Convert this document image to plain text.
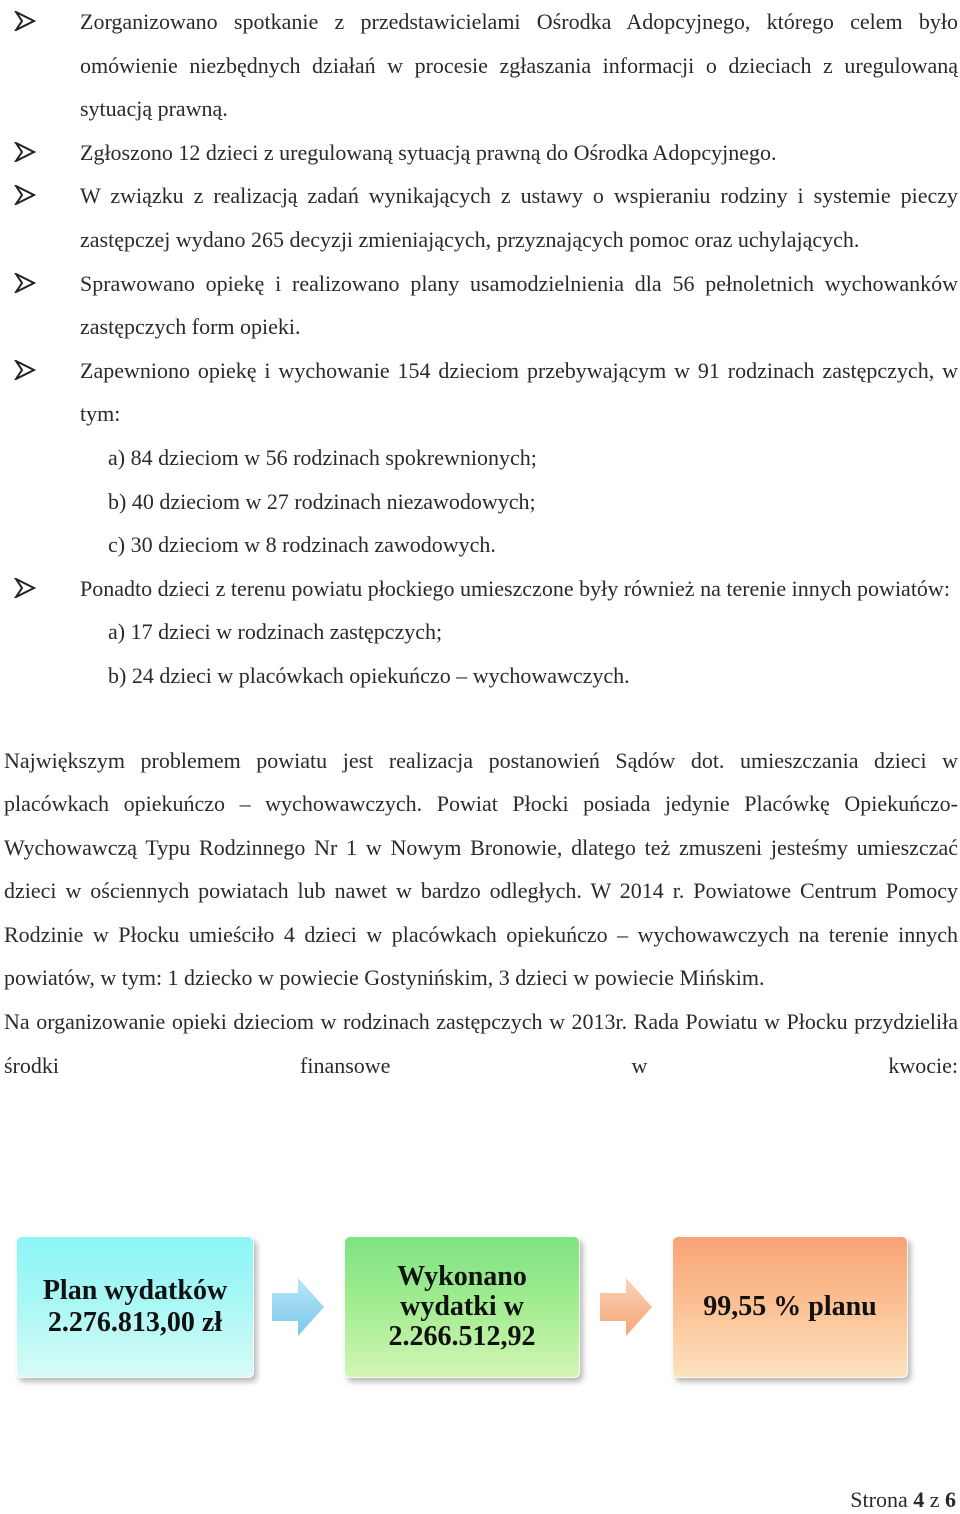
Zorganizowano spotkanie z przedstawicielami Ośrodka Adopcyjnego, którego celem było omówienie niezbędnych działań w procesie zgłaszania informacji o dzieciach z uregulowaną sytuacją prawną.
Zgłoszono 12 dzieci z uregulowaną sytuacją prawną do Ośrodka Adopcyjnego.
W związku z realizacją zadań wynikających z ustawy o wspieraniu rodziny i systemie pieczy zastępczej wydano 265 decyzji zmieniających, przyznających pomoc oraz uchylających.
Sprawowano opiekę i realizowano plany usamodzielnienia dla 56 pełnoletnich wychowanków zastępczych form opieki.
Zapewniono opiekę i wychowanie 154 dzieciom przebywającym w 91 rodzinach zastępczych, w tym:
a) 84 dzieciom w 56 rodzinach spokrewnionych;
b) 40 dzieciom w 27 rodzinach niezawodowych;
c) 30 dzieciom w 8 rodzinach zawodowych.
Ponadto dzieci z terenu powiatu płockiego umieszczone były również na terenie innych powiatów:
a) 17 dzieci w rodzinach zastępczych;
b) 24 dzieci w placówkach opiekuńczo – wychowawczych.

Największym problemem powiatu jest realizacja postanowień Sądów dot. umieszczania dzieci w placówkach opiekuńczo – wychowawczych. Powiat Płocki posiada jedynie Placówkę Opiekuńczo- Wychowawczą Typu Rodzinnego Nr 1 w Nowym Bronowie, dlatego też zmuszeni jesteśmy umieszczać dzieci w ościennych powiatach lub nawet w bardzo odległych. W 2014 r. Powiatowe Centrum Pomocy Rodzinie w Płocku umieściło 4 dzieci w placówkach opiekuńczo – wychowawczych na terenie innych powiatów, w tym: 1 dziecko w powiecie Gostynińskim, 3 dzieci w powiecie Mińskim.

Na organizowanie opieki dzieciom w rodzinach zastępczych w 2013r. Rada Powiatu w Płocku przydzieliła środki finansowe w kwocie:

Plan wydatków
2.276.813,00 zł
Wykonano
wydatki w
2.266.512,92
99,55 % planu
Strona 4 z 6
